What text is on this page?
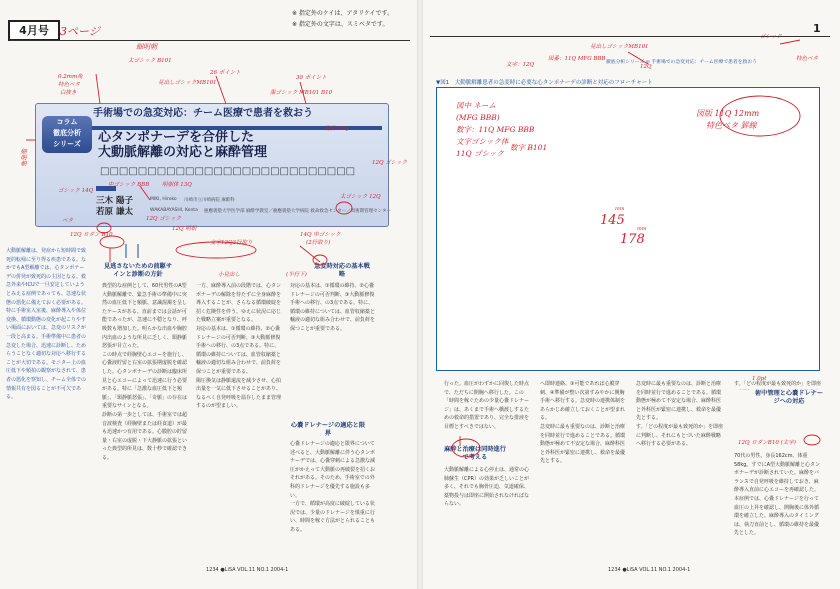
4月号	3ページ
※ 指定外のケイは、アタリケイです。
※ 指定外の文字は、スミベタです。	1
徹底分析シリーズ ◎ 手術場での急変対応：チーム医療で患者を救おう
0.2mm角
特色ベタ
白抜き
太ゴシック B101
26 ポイント
見出しゴシックMB101
30 ポイント
黒ゴシック MB101 B10
細明朝
細明朝
手術場での急変対応：チーム医療で患者を救おう
コラム
徹底分析
シリーズ	心タンポナーデを合併した
大動脈解離の対応と麻酔管理
□□□□□□□□□□□□□□□□□□□□□□□□□□□
三木 陽子	MIKI, Hiroko 川崎市立川崎病院 麻酔科
若原 謙太	WAKABAYASHI, Kenta 慶應義塾大学医学部 麻酔学教室／慶應義塾大学病院 救命救急センター／周術期管理センター
明朝 11Q
12Q ゴシック
ゴシック 14Q
中ゴシック BBB 明朝体 13Q
太ゴシック 12Q
ベタ
文字12Q3行取り
12Q ロダン B10
12Q 明朝
14Q 中ゴシック
(2行取り)
(半行下)
小見出し
12Q ゴシック
大動脈解離は、発症から短時間で致死的転帰に至り得る疾患である。なかでもA型解離では、心タンポナーデの併発が致死的の主因となる。救急外来やICUで一旦安定していようとみえる症例であっても、急速な状態の悪化に備えておく必要がある。特に手術室入室後、麻酔導入や体位変換、循環動態の変化が起こりやすい場面においては、急変のリスクが一段と高まる。手術準備中に患者の急変した場合、迅速に診断し、ためらうことなく適切な対応へ移行することが大切である。モニター上の血圧低下や頻拍の観察がなされて、患者の悪化を察知し、チーム全体での情報共有を図ることが不可欠である。
見逃さないための前駆サインと診断の方針
急変時対応の基本戦略
心嚢ドレナージの適応と限界
典型的な症例として、60代男性のA型大動脈解離で、緊急手術の準備中に突然の血圧低下と頻脈、意識混濁を呈したケースがある。直前までは会話が可能であったが、急速に不穏となり、呼吸数も増加した。明らかな出血や胸腔内出血のような所見に乏しく、頸静脈怒張が目立った。
この時点で経胸壁心エコーを施行し、心嚢液貯留と右室の拡張期虚脱を確認した。心タンポナーデの診断は臨床所見と心エコーによって迅速に行う必要がある。特に「急激な血圧低下と頻脈」、「頸静脈怒張」、「奇脈」の存在は重要なサインとなる。
診断の第一歩としては、手術室では超音波検査（経胸壁または経食道）が最も迅速かつ有用である。心膜腔の貯留量・右室の虚脱・下大静脈の拡張といった典型的所見は、数十秒で確認できる。
一方、麻酔導入前の段階では、心タンポナーデの解除を待たずに全身麻酔を導入することが、さらなる循環破綻を招く危険性を伴う。ゆえに状況に応じた戦略立案が重要となる。
対応の基本は、①循環の維持、②心嚢ドレナージの可否判断、③大動脈修復手術への移行、の3点である。特に、循環の維持については、血管収縮薬と輸液の適切な組み合わせで、前負荷を保つことが重要である。
陽圧換気は静脈還流を減少させ、心拍出量を一気に低下させることがあり、なるべく自発呼吸を温存したまま管理するのが望ましい。
対応の基本は、①循環の維持、②心嚢ドレナージの可否判断、③大動脈修復手術への移行、の3点である。特に、循環の維持については、血管収縮薬と輸液の適切な組み合わせで、前負荷を保つことが重要である。
心嚢ドレナージの適応と限界について述べると、大動脈解離に伴う心タンポナーデでは、心嚢穿刺による急激な減圧がかえって大動脈の再破裂を招くおそれがある。そのため、手術室での外科的ドレナージを優先する施設も多い。
一方で、循環が高度に破綻している状況では、少量のドレナージを慎重に行い、時間を稼ぐ方法がとられることもある。
1234 ●LiSA VOL.11 NO.1 2004-1
見出しゴシックMB101
12Q
ゴシック
特色ベタ
図番：11Q MFG BBB
文字：12Q
▼図1　大動脈解離患者の急変時に必要な心タンポナーデの診断と対応のフローチャート
図中 ネーム
(MFG BBB)
数字：11Q MFG BBB
文字ゴシック体
11Q ゴシック
数字 B101
図版 11Q 12mm
特色ベタ 罫線
145
178
mm
mm
麻酔と治療は同時進行で考える
術中管理と心嚢ドレナージへの対応
行った。血圧がわずかに回復した時点で、ただちに開胸へ移行した。この「時間を稼ぐための少量心嚢ドレナージ」は、あくまで手術へ橋渡しするための救命的措置であり、完全な排液を目標とすべきではない。
大動脈解離による心停止は、通常の心肺蘇生（CPR）の効果が乏しいことが多く、それでも胸骨圧迫、気道確保、薬物投与は即座に開始されなければならない。
へ即時連絡、③可能であれば心膜穿刺、④準備が整い次第すみやかに開胸手術へ移行する。急変時の連携体制をあらかじめ確立しておくことが望まれる。
急変時に最も重要なのは、診断と治療を同時並行で進めることである。循環動態が極めて不安定な場合、麻酔科医と外科医が緊密に連携し、救命を最優先とする。
急変時に最も重要なのは、診断と治療を同時並行で進めることである。循環動態が極めて不安定な場合、麻酔科医と外科医が緊密に連携し、救命を最優先とする。
す。「どの程度が最も致死的か」を即座に判断し、それにもとづいた麻酔戦略へ移行する必要がある。
す。「どの程度が最も致死的か」を即座
70代の男性。身長162cm、体重58kg。すでにA型大動脈解離と心タンポナーデが診断されていた。麻酔をバランスで自発呼吸を維持しておき、麻酔導入直前に心エコーを再確認した。
本症例では、心嚢ドレナージを行って血圧の上昇を確認し、開胸後に体外循環を確立した。麻酔導入のタイミングは、執刀直前とし、循環の維持を最優先とした。
12Q ロダンB10 (太字)
1.0pt
1234 ●LiSA VOL.11 NO.1 2004-1
